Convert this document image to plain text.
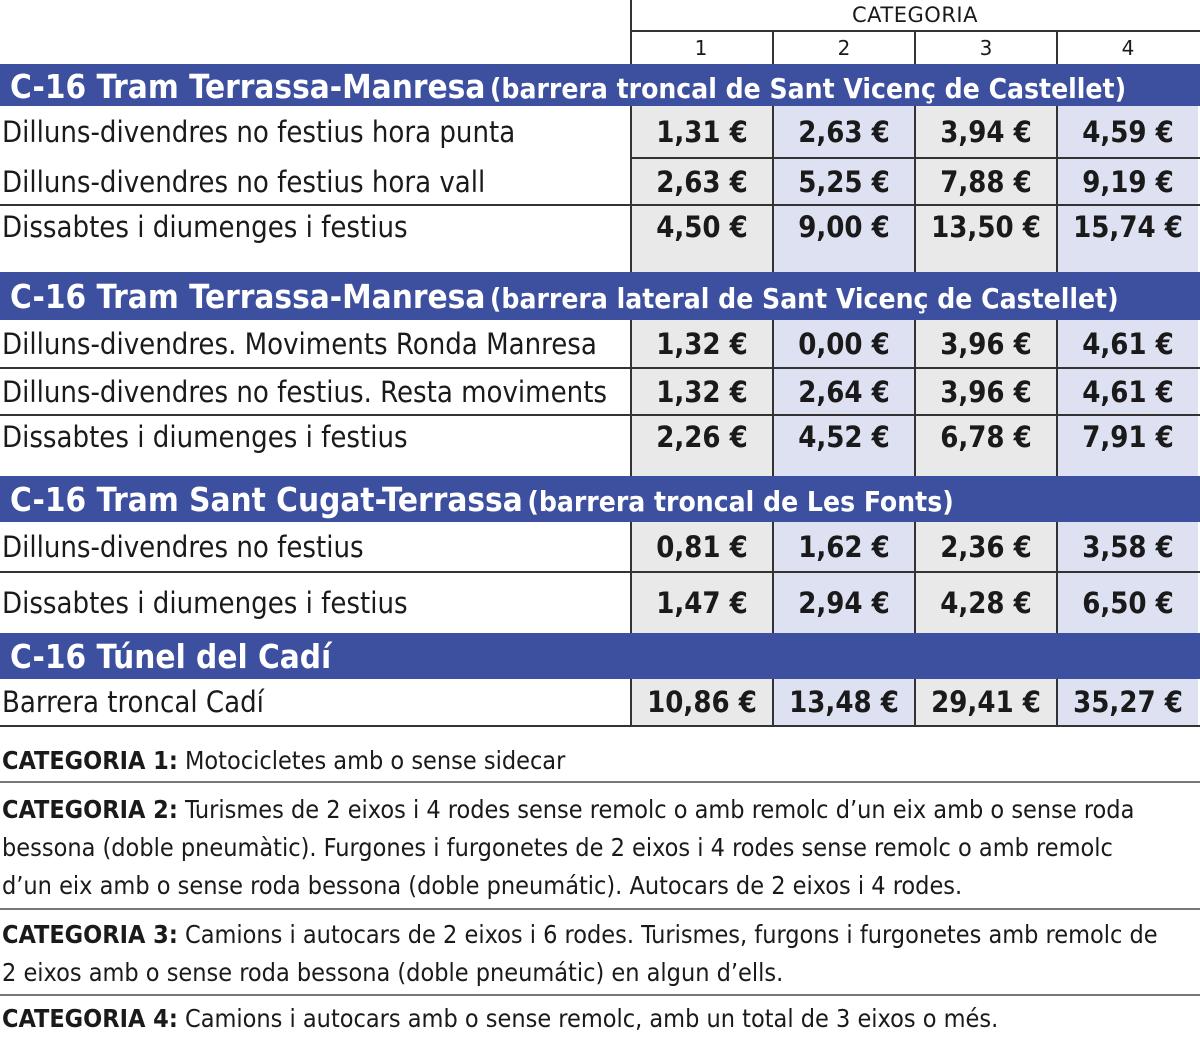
CATEGORIA
1	2	3	4
C-16 Tram Terrassa-Manresa (barrera troncal de Sant Vicenç de Castellet)
Dilluns-divendres no festius hora punta	1,31 €	2,63 €	3,94 €	4,59 €
Dilluns-divendres no festius hora vall	2,63 €	5,25 €	7,88 €	9,19 €
Dissabtes i diumenges i festius	4,50 €	9,00 €	13,50 €	15,74 €
C-16 Tram Terrassa-Manresa (barrera lateral de Sant Vicenç de Castellet)
Dilluns-divendres. Moviments Ronda Manresa	1,32 €	0,00 €	3,96 €	4,61 €
Dilluns-divendres no festius. Resta moviments	1,32 €	2,64 €	3,96 €	4,61 €
Dissabtes i diumenges i festius	2,26 €	4,52 €	6,78 €	7,91 €
C-16 Tram Sant Cugat-Terrassa (barrera troncal de Les Fonts)
Dilluns-divendres no festius	0,81 €	1,62 €	2,36 €	3,58 €
Dissabtes i diumenges i festius	1,47 €	2,94 €	4,28 €	6,50 €
C-16 Túnel del Cadí
Barrera troncal Cadí	10,86 €	13,48 €	29,41 €	35,27 €
CATEGORIA 1: Motocicletes amb o sense sidecar
CATEGORIA 2: Turismes de 2 eixos i 4 rodes sense remolc o amb remolc d’un eix amb o sense roda
bessona (doble pneumàtic). Furgones i furgonetes de 2 eixos i 4 rodes sense remolc o amb remolc
d’un eix amb o sense roda bessona (doble pneumátic). Autocars de 2 eixos i 4 rodes.
CATEGORIA 3: Camions i autocars de 2 eixos i 6 rodes. Turismes, furgons i furgonetes amb remolc de
2 eixos amb o sense roda bessona (doble pneumátic) en algun d’ells.
CATEGORIA 4: Camions i autocars amb o sense remolc, amb un total de 3 eixos o més.
